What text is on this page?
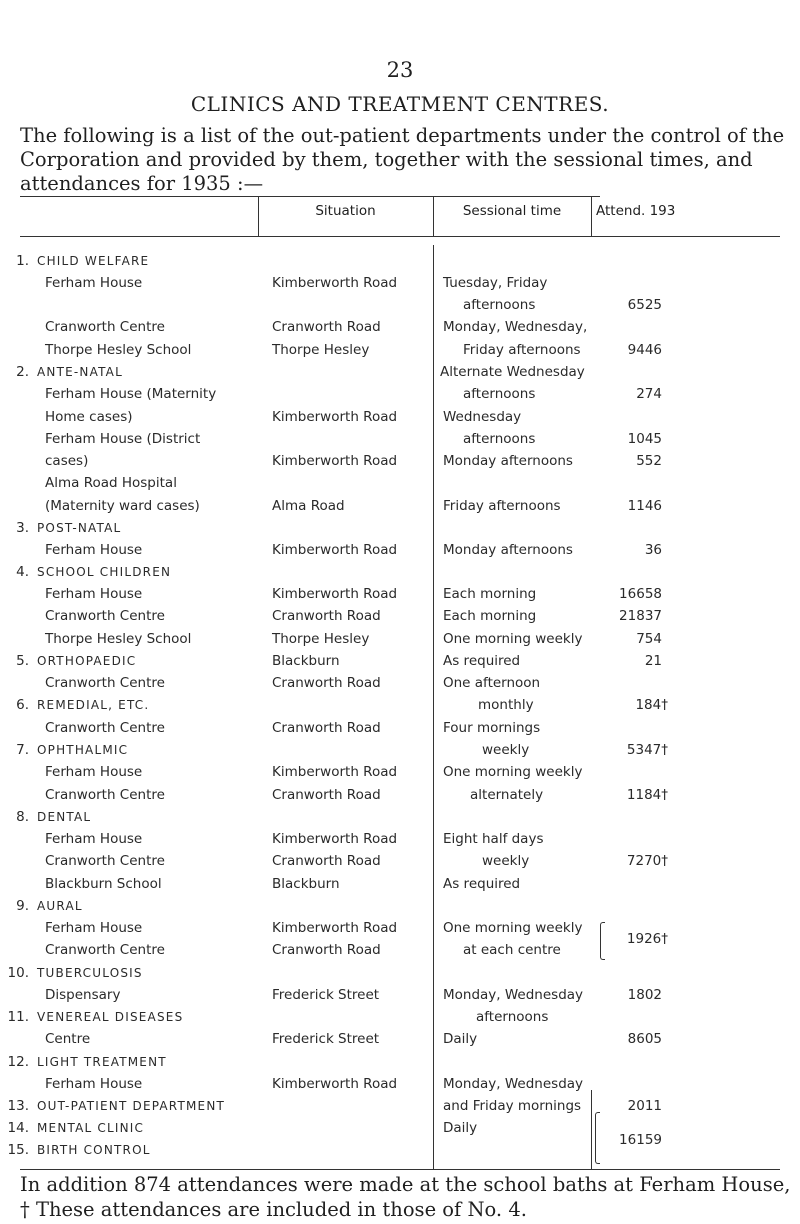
23
CLINICS AND TREATMENT CENTRES.
The following is a list of the out-patient departments under the control of the Corporation and provided by them, together with the sessional times, and attendances for 1935 :—
Situation	Sessional time	Attend. 193
1. CHILD WELFARE
2. ANTE-NATAL
3. POST-NATAL
4. SCHOOL CHILDREN
5. ORTHOPAEDIC
6. REMEDIAL, ETC.
7. OPHTHALMIC
8. DENTAL
9. AURAL
10. TUBERCULOSIS
11. VENEREAL DISEASES
12. LIGHT TREATMENT
13. OUT-PATIENT DEPARTMENT
14. MENTAL CLINIC
15. BIRTH CONTROL
Ferham House
Cranworth Centre
Thorpe Hesley School
Ferham House (Maternity
Home cases)
Ferham House (District
cases)
Alma Road Hospital
(Maternity ward cases)
Ferham House
Ferham House
Cranworth Centre
Thorpe Hesley School
Cranworth Centre
Cranworth Centre
Ferham House
Cranworth Centre
Ferham House
Cranworth Centre
Blackburn School
Ferham House
Cranworth Centre
Dispensary
Centre
Ferham House
Kimberworth Road
Cranworth Road
Thorpe Hesley
Kimberworth Road
Kimberworth Road
Alma Road
Kimberworth Road
Kimberworth Road
Cranworth Road
Thorpe Hesley
Blackburn
Cranworth Road
Cranworth Road
Kimberworth Road
Cranworth Road
Kimberworth Road
Cranworth Road
Blackburn
Kimberworth Road
Cranworth Road
Frederick Street
Frederick Street
Kimberworth Road
Tuesday, Friday
afternoons
Monday, Wednesday,
Friday afternoons
Alternate Wednesday
afternoons
Wednesday
afternoons
Monday afternoons
Friday afternoons
Monday afternoons
Each morning
Each morning
One morning weekly
As required
One afternoon
monthly
Four mornings
weekly
One morning weekly
alternately
Eight half days
weekly
As required
One morning weekly
at each centre
Monday, Wednesday
afternoons
Daily
Monday, Wednesday
and Friday mornings
Daily
6525
9446
274
1045
552
1146
36
16658
21837
754
21
184†
5347†
1184†
7270†
1926†
1802
8605
2011
16159
In addition 874 attendances were made at the school baths at Ferham House,
† These attendances are included in those of No. 4.
